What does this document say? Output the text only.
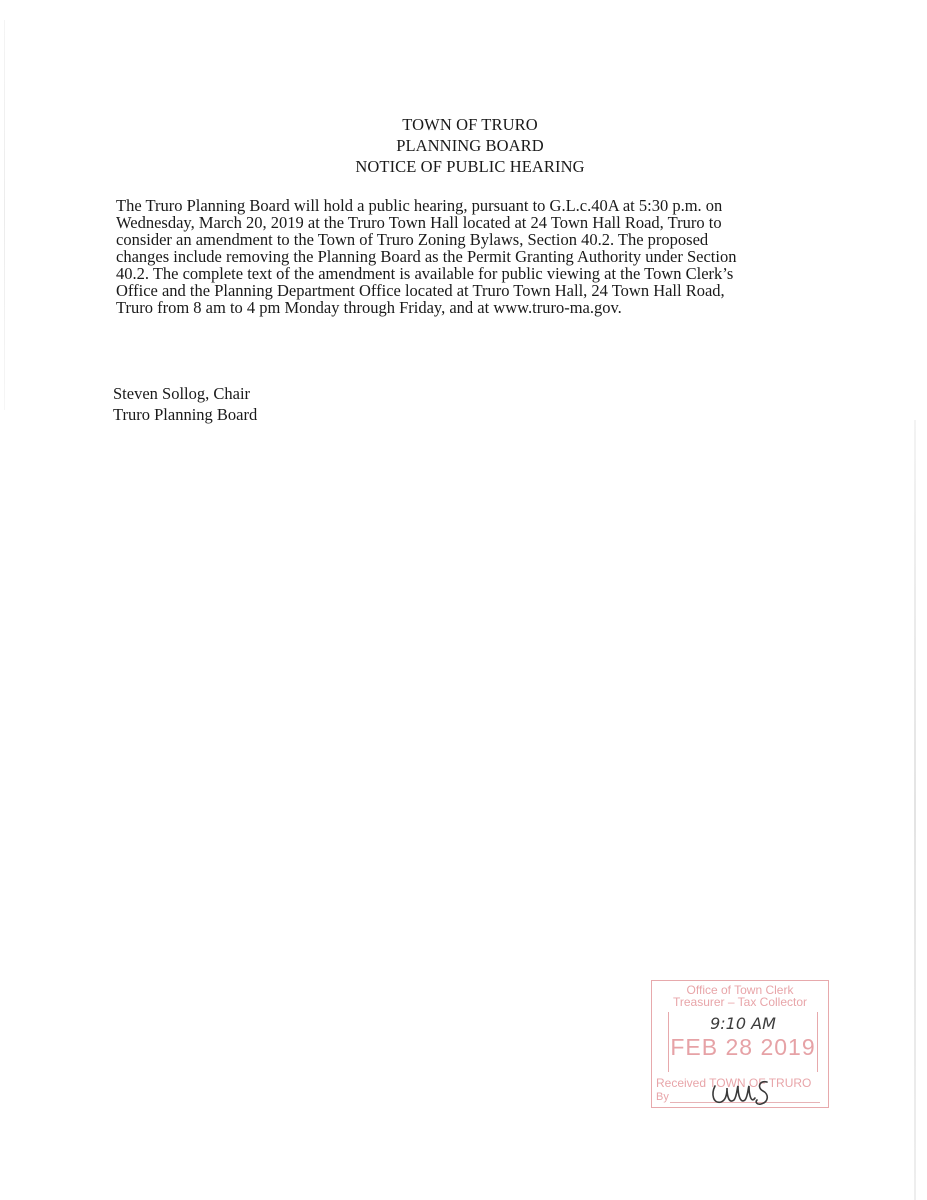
TOWN OF TRURO
PLANNING BOARD
NOTICE OF PUBLIC HEARING
The Truro Planning Board will hold a public hearing, pursuant to G.L.c.40A at 5:30 p.m. on
Wednesday, March 20, 2019 at the Truro Town Hall located at 24 Town Hall Road, Truro to
consider an amendment to the Town of Truro Zoning Bylaws, Section 40.2. The proposed
changes include removing the Planning Board as the Permit Granting Authority under Section
40.2. The complete text of the amendment is available for public viewing at the Town Clerk’s
Office and the Planning Department Office located at Truro Town Hall, 24 Town Hall Road,
Truro from 8 am to 4 pm Monday through Friday, and at www.truro-ma.gov.
Steven Sollog, Chair
Truro Planning Board
Office of Town Clerk
Treasurer – Tax Collector
9:10 AM
FEB 28 2019
Received TOWN OF TRURO
By
